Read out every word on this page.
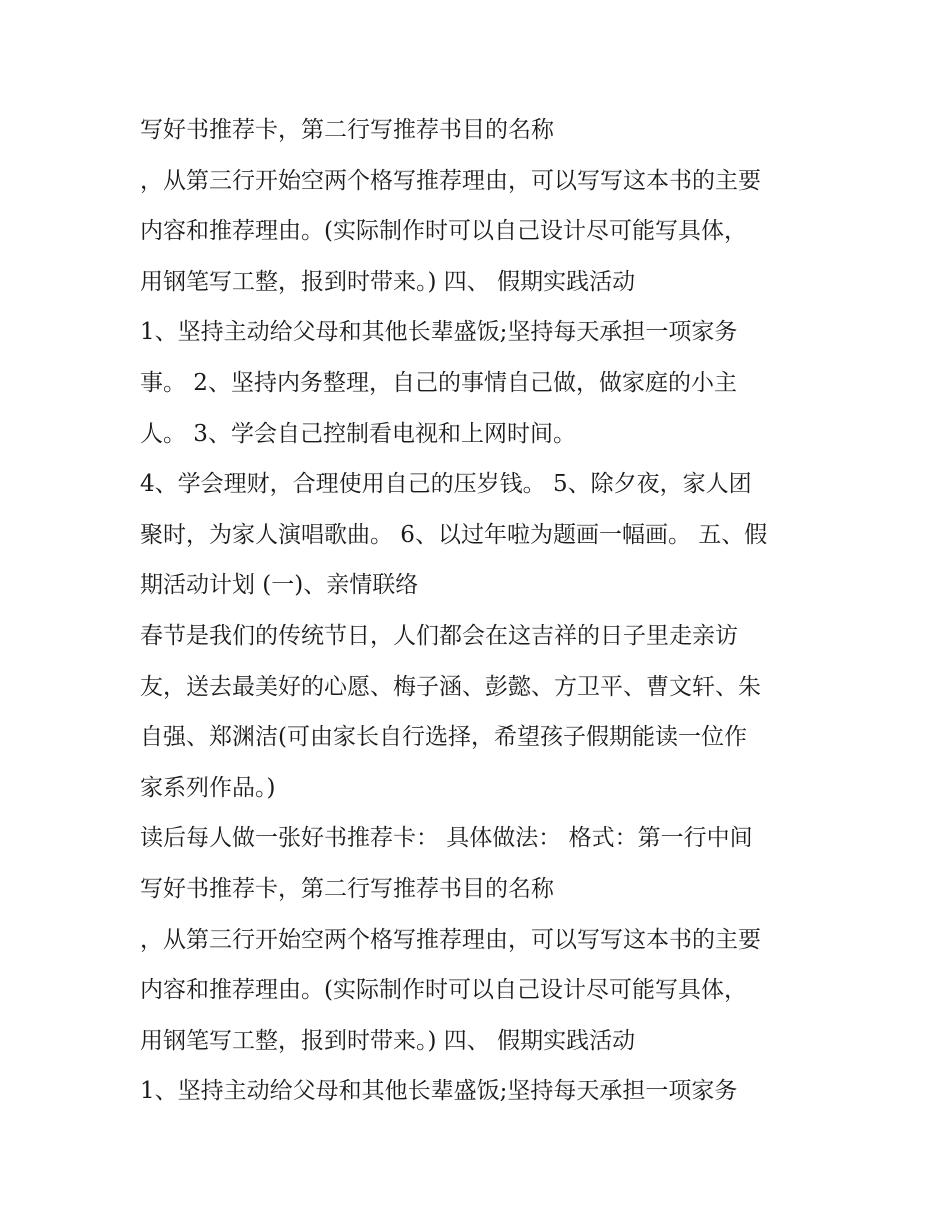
写好书推荐卡，第二行写推荐书目的名称
，从第三行开始空两个格写推荐理由，可以写写这本书的主要
内容和推荐理由。(实际制作时可以自己设计尽可能写具体，
用钢笔写工整，报到时带来。) 四、 假期实践活动
1、坚持主动给父母和其他长辈盛饭;坚持每天承担一项家务
事。 2、坚持内务整理，自己的事情自己做，做家庭的小主
人。 3、学会自己控制看电视和上网时间。
4、学会理财，合理使用自己的压岁钱。 5、除夕夜，家人团
聚时，为家人演唱歌曲。 6、以过年啦为题画一幅画。 五、假
期活动计划 (一)、亲情联络
春节是我们的传统节日，人们都会在这吉祥的日子里走亲访
友，送去最美好的心愿、梅子涵、彭懿、方卫平、曹文轩、朱
自强、郑渊洁(可由家长自行选择，希望孩子假期能读一位作
家系列作品。)
读后每人做一张好书推荐卡： 具体做法： 格式：第一行中间
写好书推荐卡，第二行写推荐书目的名称
，从第三行开始空两个格写推荐理由，可以写写这本书的主要
内容和推荐理由。(实际制作时可以自己设计尽可能写具体，
用钢笔写工整，报到时带来。) 四、 假期实践活动
1、坚持主动给父母和其他长辈盛饭;坚持每天承担一项家务
